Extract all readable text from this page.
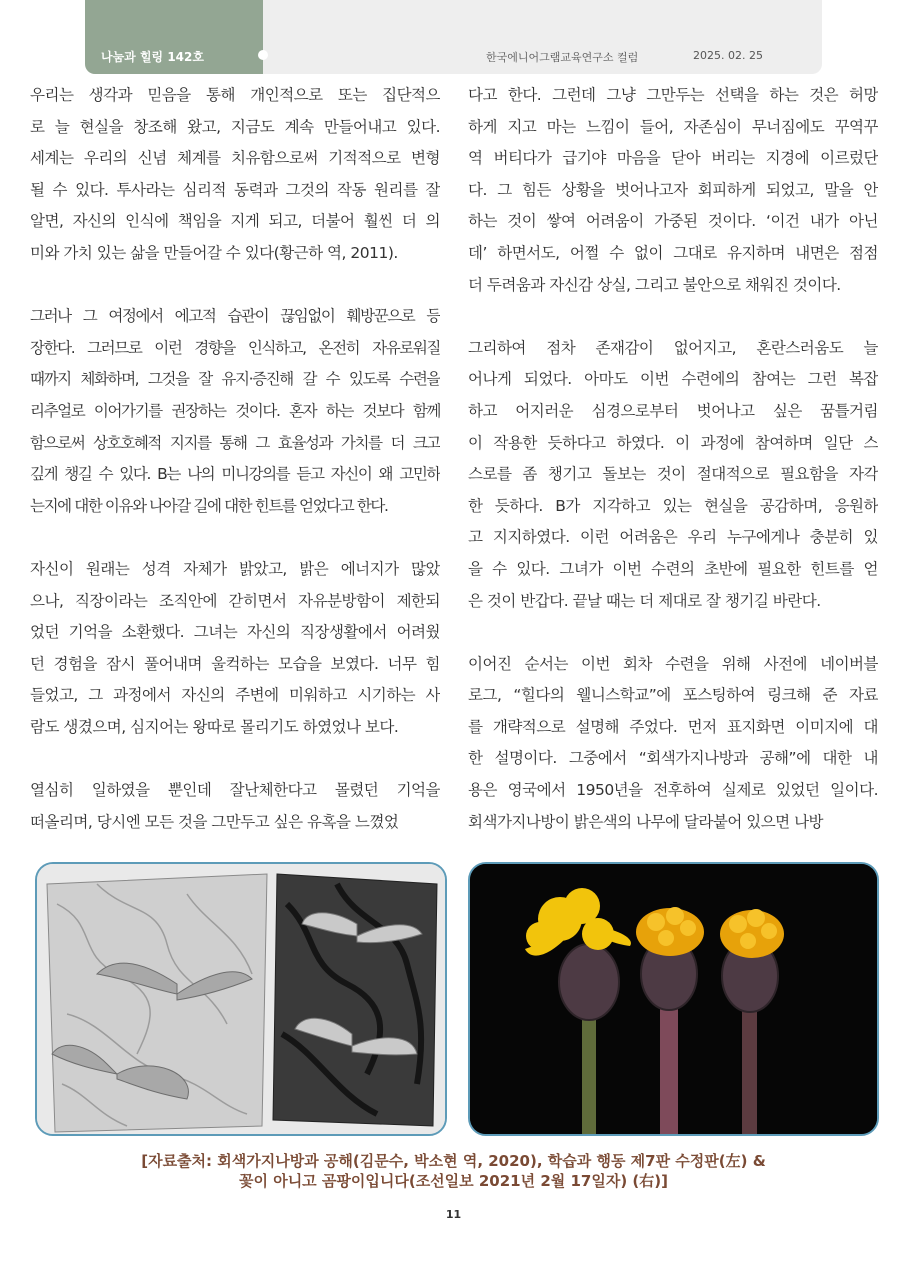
나눔과 힐링 142호	한국에니어그램교육연구소 컬럼	2025. 02. 25
우리는 생각과 믿음을 통해 개인적으로 또는 집단적으
로 늘 현실을 창조해 왔고, 지금도 계속 만들어내고 있다.
세계는 우리의 신념 체계를 치유함으로써 기적적으로 변형
될 수 있다. 투사라는 심리적 동력과 그것의 작동 원리를 잘
알면, 자신의 인식에 책임을 지게 되고, 더불어 훨씬 더 의
미와 가치 있는 삶을 만들어갈 수 있다(황근하 역, 2011).
그러나 그 여정에서 에고적 습관이 끊임없이 훼방꾼으로 등
장한다. 그러므로 이런 경향을 인식하고, 온전히 자유로워질
때까지 체화하며, 그것을 잘 유지·증진해 갈 수 있도록 수련을
리추얼로 이어가기를 권장하는 것이다. 혼자 하는 것보다 함께
함으로써 상호호혜적 지지를 통해 그 효율성과 가치를 더 크고
깊게 챙길 수 있다. B는 나의 미니강의를 듣고 자신이 왜 고민하
는지에 대한 이유와 나아갈 길에 대한 힌트를 얻었다고 한다.
자신이 원래는 성격 자체가 밝았고, 밝은 에너지가 많았
으나, 직장이라는 조직안에 갇히면서 자유분방함이 제한되
었던 기억을 소환했다. 그녀는 자신의 직장생활에서 어려웠
던 경험을 잠시 풀어내며 울컥하는 모습을 보였다. 너무 힘
들었고, 그 과정에서 자신의 주변에 미워하고 시기하는 사
람도 생겼으며, 심지어는 왕따로 몰리기도 하였었나 보다.
열심히 일하였을 뿐인데 잘난체한다고 몰렸던 기억을
떠올리며, 당시엔 모든 것을 그만두고 싶은 유혹을 느꼈었
다고 한다. 그런데 그냥 그만두는 선택을 하는 것은 허망
하게 지고 마는 느낌이 들어, 자존심이 무너짐에도 꾸역꾸
역 버티다가 급기야 마음을 닫아 버리는 지경에 이르렀단
다. 그 힘든 상황을 벗어나고자 회피하게 되었고, 말을 안
하는 것이 쌓여 어려움이 가중된 것이다. ‘이건 내가 아닌
데’ 하면서도, 어쩔 수 없이 그대로 유지하며 내면은 점점
더 두려움과 자신감 상실, 그리고 불안으로 채워진 것이다.
그리하여 점차 존재감이 없어지고, 혼란스러움도 늘
어나게 되었다. 아마도 이번 수련에의 참여는 그런 복잡
하고 어지러운 심경으로부터 벗어나고 싶은 꿈틀거림
이 작용한 듯하다고 하였다. 이 과정에 참여하며 일단 스
스로를 좀 챙기고 돌보는 것이 절대적으로 필요함을 자각
한 듯하다. B가 지각하고 있는 현실을 공감하며, 응원하
고 지지하였다. 이런 어려움은 우리 누구에게나 충분히 있
을 수 있다. 그녀가 이번 수련의 초반에 필요한 힌트를 얻
은 것이 반갑다. 끝날 때는 더 제대로 잘 챙기길 바란다.
이어진 순서는 이번 회차 수련을 위해 사전에 네이버블
로그, “힐다의 웰니스학교”에 포스팅하여 링크해 준 자료
를 개략적으로 설명해 주었다. 먼저 표지화면 이미지에 대
한 설명이다. 그중에서 “회색가지나방과 공해”에 대한 내
용은 영국에서 1950년을 전후하여 실제로 있었던 일이다.
회색가지나방이 밝은색의 나무에 달라붙어 있으면 나방
[자료출처: 회색가지나방과 공해(김문수, 박소현 역, 2020), 학습과 행동 제7판 수정판(左) &
꽃이 아니고 곰팡이입니다(조선일보 2021년 2월 17일자) (右)]
11
